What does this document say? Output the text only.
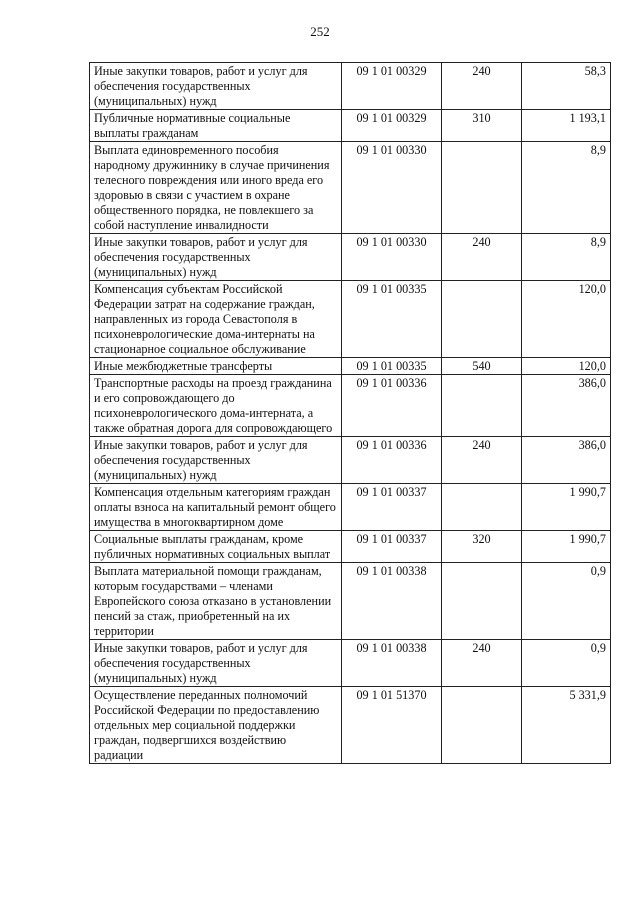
252
Иные закупки товаров, работ и услуг для обеспечения государственных (муниципальных) нужд	09 1 01 00329	240	58,3
Публичные нормативные социальные выплаты гражданам	09 1 01 00329	310	1 193,1
Выплата единовременного пособия народному дружиннику в случае причинения телесного повреждения или иного вреда его здоровью в связи с участием в охране общественного порядка, не повлекшего за собой наступление инвалидности	09 1 01 00330		8,9
Иные закупки товаров, работ и услуг для обеспечения государственных (муниципальных) нужд	09 1 01 00330	240	8,9
Компенсация субъектам Российской Федерации затрат на содержание граждан, направленных из города Севастополя в психоневрологические дома-интернаты на стационарное социальное обслуживание	09 1 01 00335		120,0
Иные межбюджетные трансферты	09 1 01 00335	540	120,0
Транспортные расходы на проезд гражданина и его сопровождающего до психоневрологического дома-интерната, а также обратная дорога для сопровождающего	09 1 01 00336		386,0
Иные закупки товаров, работ и услуг для обеспечения государственных (муниципальных) нужд	09 1 01 00336	240	386,0
Компенсация отдельным категориям граждан оплаты взноса на капитальный ремонт общего имущества в многоквартирном доме	09 1 01 00337		1 990,7
Социальные выплаты гражданам, кроме публичных нормативных социальных выплат	09 1 01 00337	320	1 990,7
Выплата материальной помощи гражданам, которым государствами – членами Европейского союза отказано в установлении пенсий за стаж, приобретенный на их территории	09 1 01 00338		0,9
Иные закупки товаров, работ и услуг для обеспечения государственных (муниципальных) нужд	09 1 01 00338	240	0,9
Осуществление переданных полномочий Российской Федерации по предоставлению отдельных мер социальной поддержки граждан, подвергшихся воздействию радиации	09 1 01 51370		5 331,9
